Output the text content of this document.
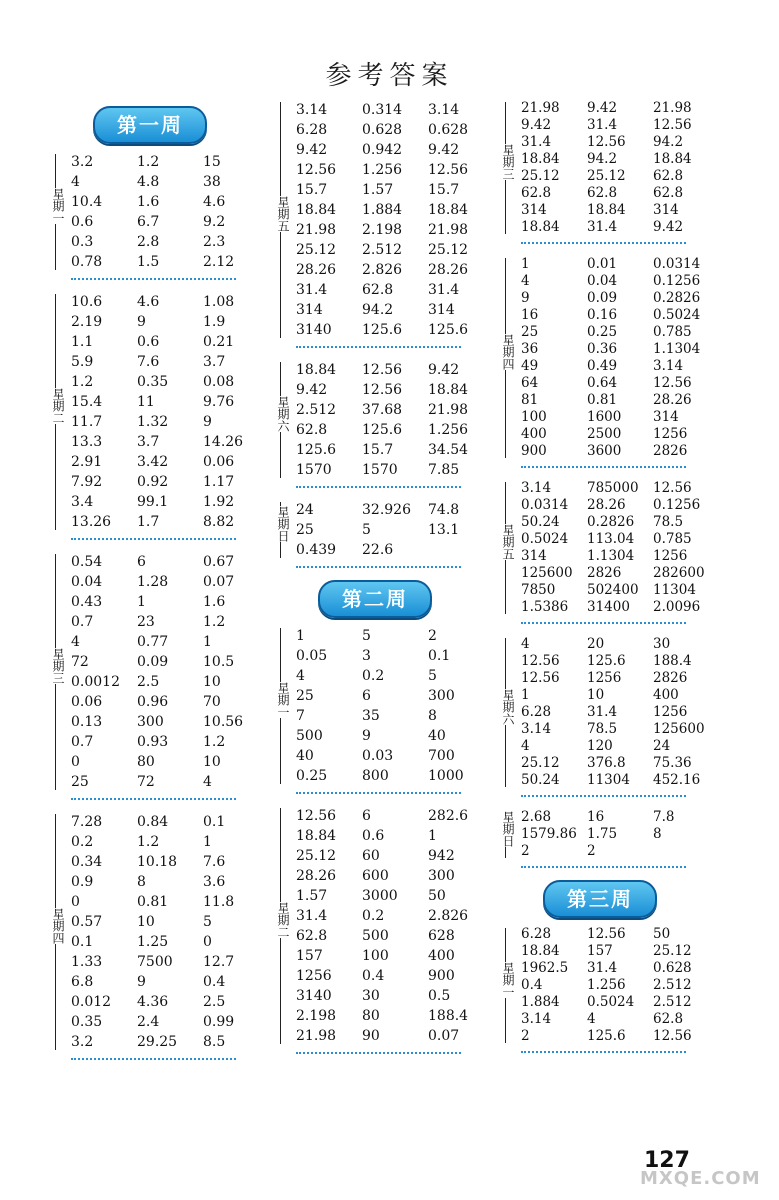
参考答案
第一周
3.2	1.2	15
4	4.8	38
10.4 1.6	4.6
0.6	6.7	9.2
0.3	2.8	2.3
0.78 1.5	2.12
星期一
10.6 4.6	1.08
2.19 9	1.9
1.1	0.6	0.21
5.9	7.6	3.7
1.2	0.35 0.08
15.4 11	9.76
11.7 1.32 9
13.3 3.7	14.26
2.91 3.42 0.06
7.92 0.92 1.17
3.4	99.1 1.92
13.26 1.7	8.82
星期二
0.54 6	0.67
0.04 1.28 0.07
0.43 1	1.6
0.7	23	1.2
4	0.77 1
72	0.09 10.5
0.0012 2.5	10
0.06 0.96 70
0.13 300	10.56
0.7	0.93 1.2
0	80	10
25	72	4
星期三
7.28 0.84 0.1
0.2	1.2	1
0.34 10.18 7.6
0.9	8	3.6
0	0.81 11.8
0.57 10	5
0.1	1.25 0
1.33 7500 12.7
6.8	9	0.4
0.012 4.36 2.5
0.35 2.4	0.99
3.2	29.25 8.5
星期四
3.14 0.314 3.14
6.28 0.628 0.628
9.42 0.942 9.42
12.56 1.256 12.56
15.7 1.57 15.7
18.84 1.884 18.84
21.98 2.198 21.98
25.12 2.512 25.12
28.26 2.826 28.26
31.4 62.8 31.4
314	94.2 314
3140 125.6 125.6
星期五
18.84 12.56 9.42
9.42 12.56 18.84
2.512 37.68 21.98
62.8 125.6 1.256
125.6 15.7 34.54
1570 1570 7.85
星期六
24	32.926 74.8
25	5	13.1
0.439 22.6
星期日
第二周
1	5	2
0.05 3	0.1
4	0.2	5
25	6	300
7	35	8
500	9	40
40	0.03 700
0.25 800	1000
星期一
12.56 6	282.6
18.84 0.6	1
25.12 60	942
28.26 600	300
1.57 3000 50
31.4 0.2	2.826
62.8 500	628
157	100	400
1256 0.4	900
3140 30	0.5
2.198 80	188.4
21.98 90	0.07
星期二
21.98 9.42	21.98
9.42	31.4	12.56
31.4	12.56 94.2
18.84 94.2	18.84
25.12 25.12 62.8
62.8	62.8	62.8
314	18.84 314
18.84 31.4	9.42
星期三
1	0.01	0.0314
4	0.04	0.1256
9	0.09	0.2826
16	0.16	0.5024
25	0.25	0.785
36	0.36	1.1304
49	0.49	3.14
64	0.64	12.56
81	0.81	28.26
100	1600 314
400	2500 1256
900	3600 2826
星期四
3.14	785000 12.56
0.0314 28.26 0.1256
50.24 0.2826 78.5
0.5024 113.04 0.785
314	1.1304 1256
125600 2826 282600
7850 502400 11304
1.5386 31400 2.0096
星期五
4	20	30
12.56 125.6 188.4
12.56 1256 2826
1	10	400
6.28	31.4	1256
3.14	78.5	125600
4	120	24
25.12 376.8 75.36
50.24 11304 452.16
星期六
2.68	16	7.8
1579.86 1.75	8
2	2
星期日
第三周
6.28	12.56 50
18.84 157	25.12
1962.5 31.4	0.628
0.4	1.256 2.512
1.884 0.5024 2.512
3.14	4	62.8
2	125.6 12.56
星期一
127
MXQE.COM
